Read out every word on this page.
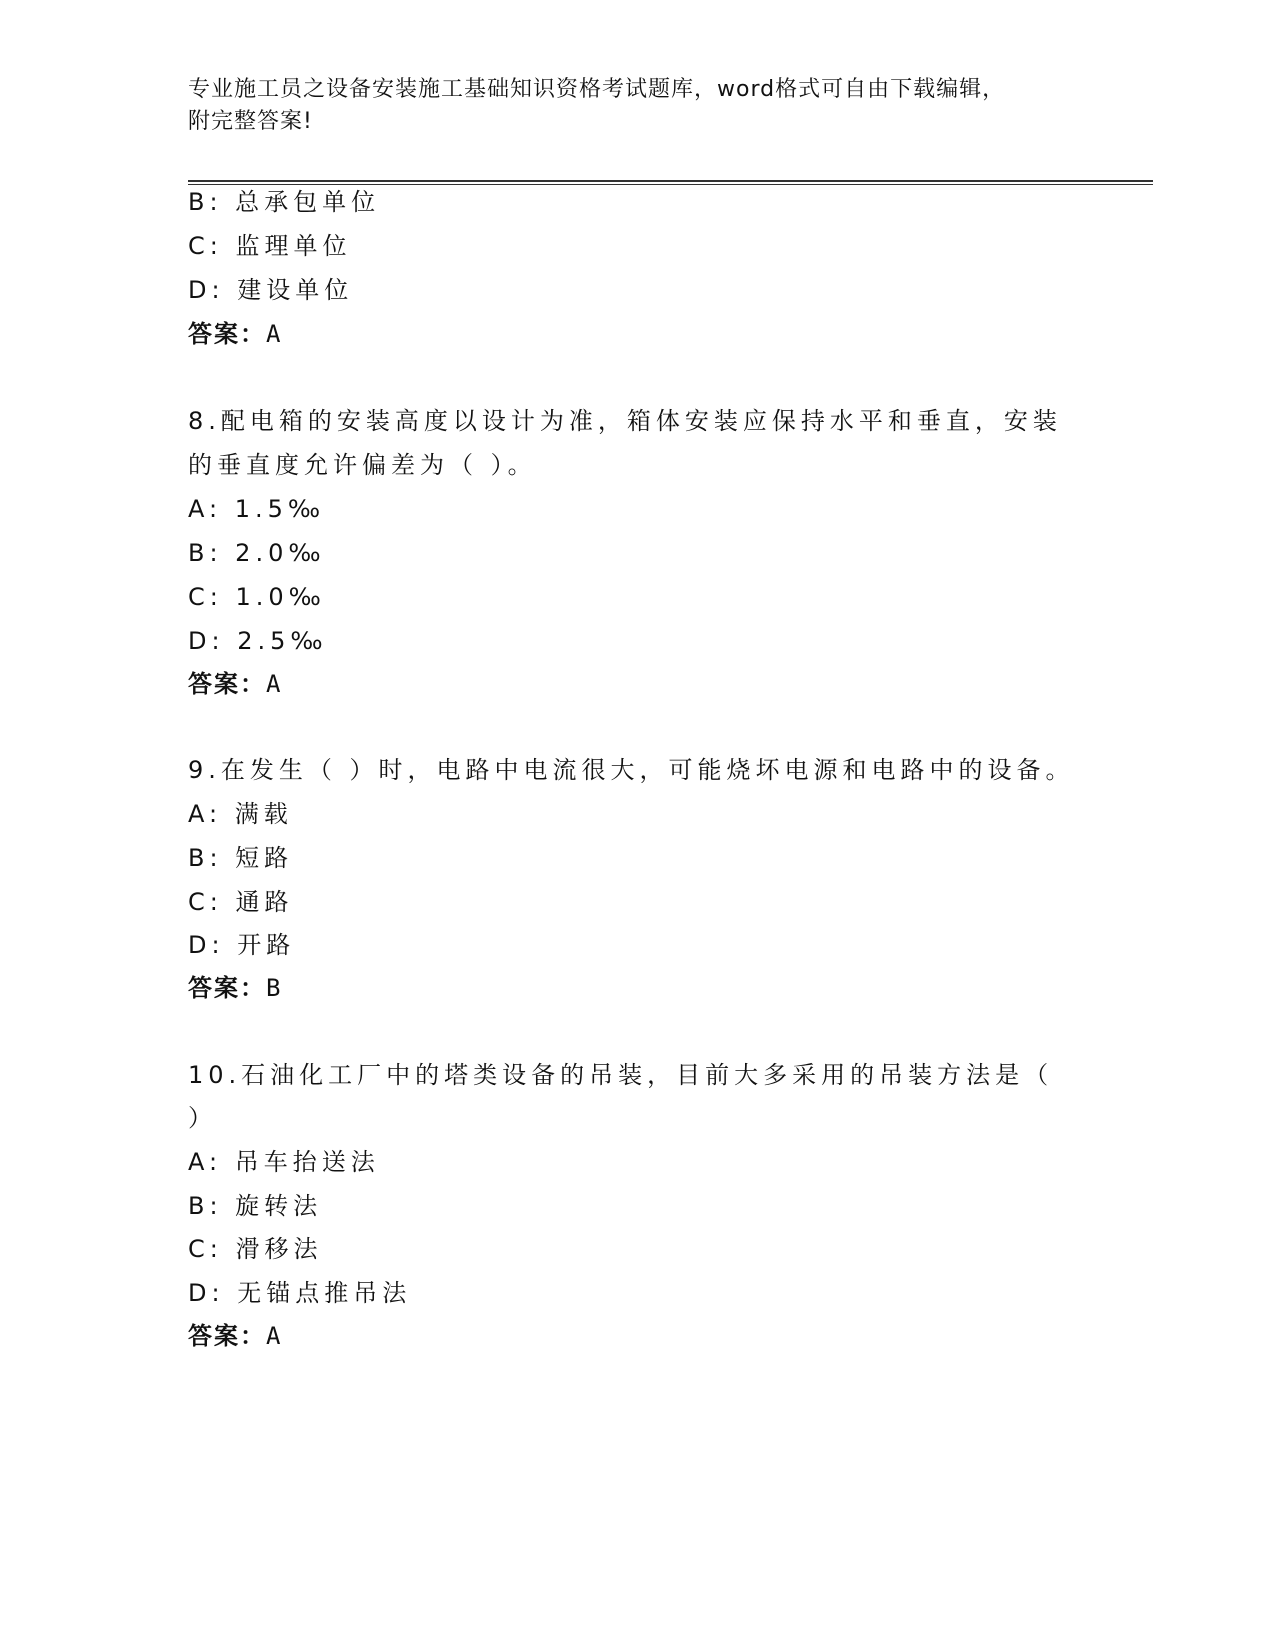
专业施工员之设备安装施工基础知识资格考试题库，word格式可自由下载编辑，
附完整答案!
B: 总承包单位
C: 监理单位
D: 建设单位
答案：A
8.配电箱的安装高度以设计为准，箱体安装应保持水平和垂直，安装
的垂直度允许偏差为（ ）。
A: 1.5‰
B: 2.0‰
C: 1.0‰
D: 2.5‰
答案：A
9.在发生（ ）时，电路中电流很大，可能烧坏电源和电路中的设备。
A: 满载
B: 短路
C: 通路
D: 开路
答案：B
10.石油化工厂中的塔类设备的吊装，目前大多采用的吊装方法是（
）
A: 吊车抬送法
B: 旋转法
C: 滑移法
D: 无锚点推吊法
答案：A
